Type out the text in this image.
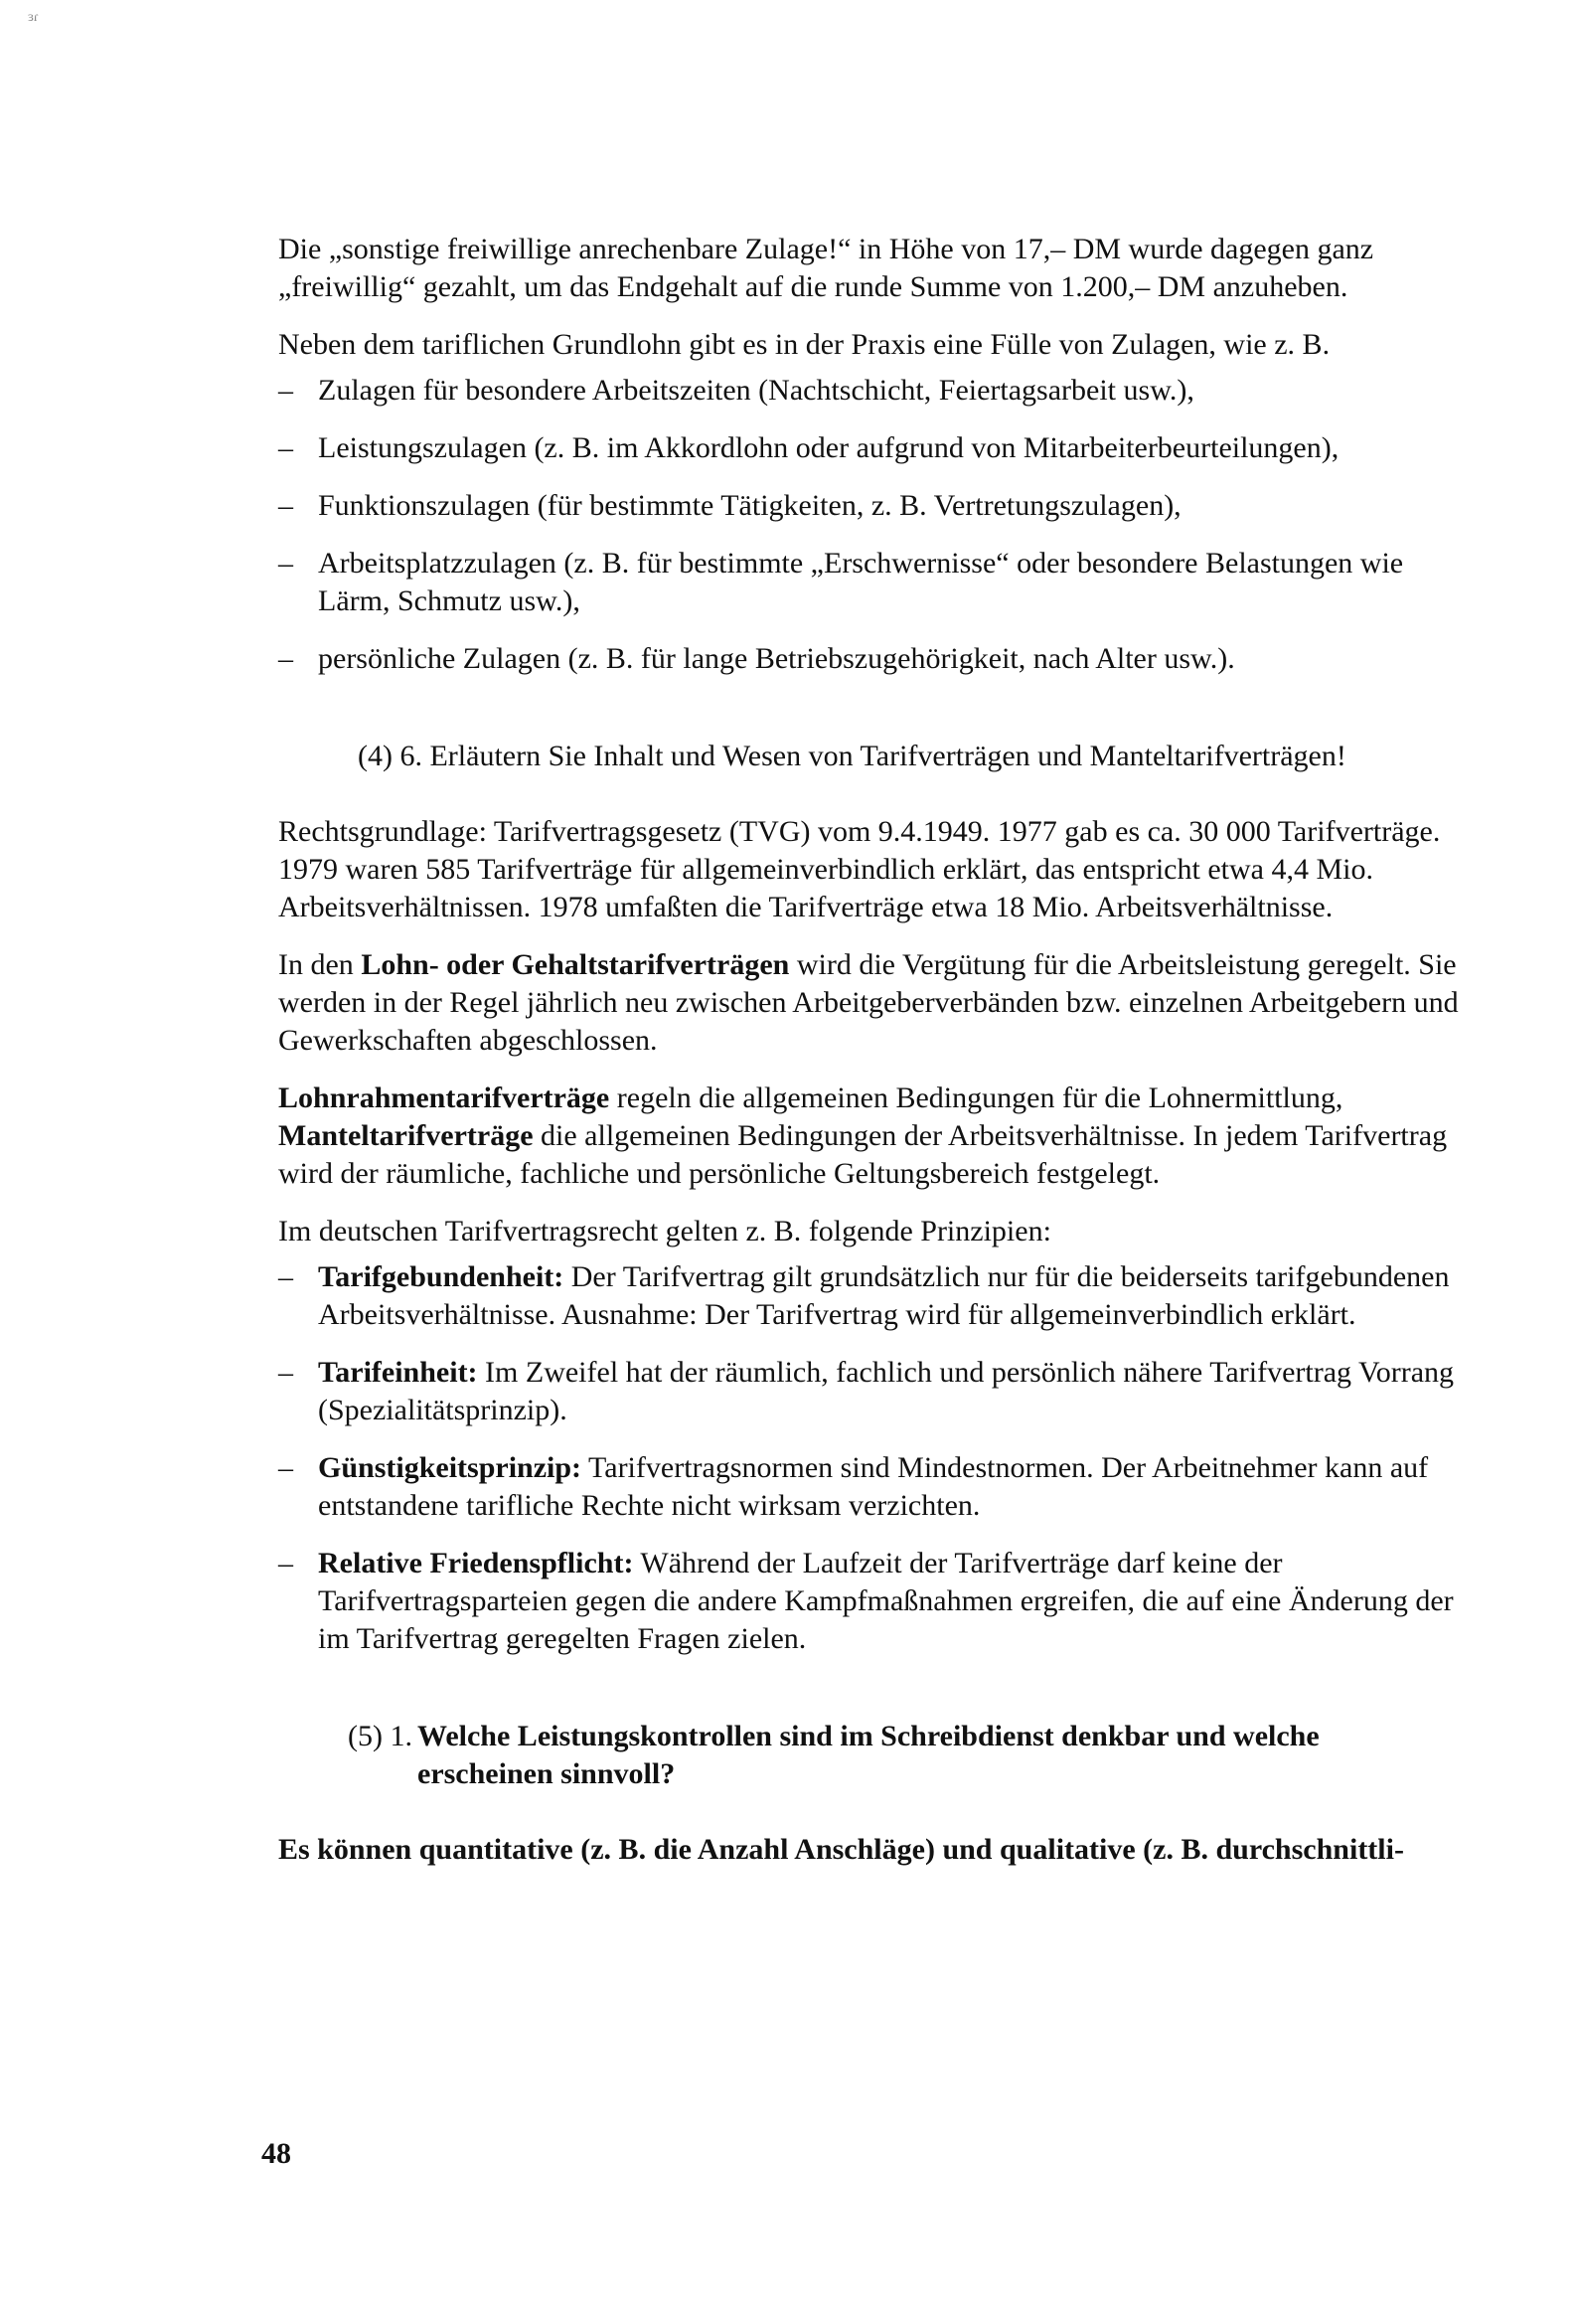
ɜɾ

Die „sonstige freiwillige anrechenbare Zulage!“ in Höhe von 17,– DM wurde dagegen ganz „freiwillig“ gezahlt, um das Endgehalt auf die runde Summe von 1.200,– DM anzuheben.

Neben dem tariflichen Grundlohn gibt es in der Praxis eine Fülle von Zulagen, wie z. B.

– Zulagen für besondere Arbeitszeiten (Nachtschicht, Feiertagsarbeit usw.),
– Leistungszulagen (z. B. im Akkordlohn oder aufgrund von Mitarbeiterbeurteilungen),
– Funktionszulagen (für bestimmte Tätigkeiten, z. B. Vertretungszulagen),
– Arbeitsplatzzulagen (z. B. für bestimmte „Erschwernisse“ oder besondere Belastungen wie Lärm, Schmutz usw.),
– persönliche Zulagen (z. B. für lange Betriebszugehörigkeit, nach Alter usw.).

(4) 6. Erläutern Sie Inhalt und Wesen von Tarifverträgen und Manteltarifverträgen!

Rechtsgrundlage: Tarifvertragsgesetz (TVG) vom 9.4.1949. 1977 gab es ca. 30 000 Tarifverträge. 1979 waren 585 Tarifverträge für allgemeinverbindlich erklärt, das entspricht etwa 4,4 Mio. Arbeitsverhältnissen. 1978 umfaßten die Tarifverträge etwa 18 Mio. Arbeitsverhältnisse.

In den Lohn- oder Gehaltstarifverträgen wird die Vergütung für die Arbeitsleistung geregelt. Sie werden in der Regel jährlich neu zwischen Arbeitgeberverbänden bzw. einzelnen Arbeitgebern und Gewerkschaften abgeschlossen.

Lohnrahmentarifverträge regeln die allgemeinen Bedingungen für die Lohnermittlung, Manteltarifverträge die allgemeinen Bedingungen der Arbeitsverhältnisse. In jedem Tarifvertrag wird der räumliche, fachliche und persönliche Geltungsbereich festgelegt.

Im deutschen Tarifvertragsrecht gelten z. B. folgende Prinzipien:

– Tarifgebundenheit: Der Tarifvertrag gilt grundsätzlich nur für die beiderseits tarifgebundenen Arbeitsverhältnisse. Ausnahme: Der Tarifvertrag wird für allgemeinverbindlich erklärt.
– Tarifeinheit: Im Zweifel hat der räumlich, fachlich und persönlich nähere Tarifvertrag Vorrang (Spezialitätsprinzip).
– Günstigkeitsprinzip: Tarifvertragsnormen sind Mindestnormen. Der Arbeitnehmer kann auf entstandene tarifliche Rechte nicht wirksam verzichten.
– Relative Friedenspflicht: Während der Laufzeit der Tarifverträge darf keine der Tarifvertragsparteien gegen die andere Kampfmaßnahmen ergreifen, die auf eine Änderung der im Tarifvertrag geregelten Fragen zielen.
(5) 1. Welche Leistungskontrollen sind im Schreibdienst denkbar und welche erscheinen sinnvoll?

Es können quantitative (z. B. die Anzahl Anschläge) und qualitative (z. B. durchschnittli-

48
